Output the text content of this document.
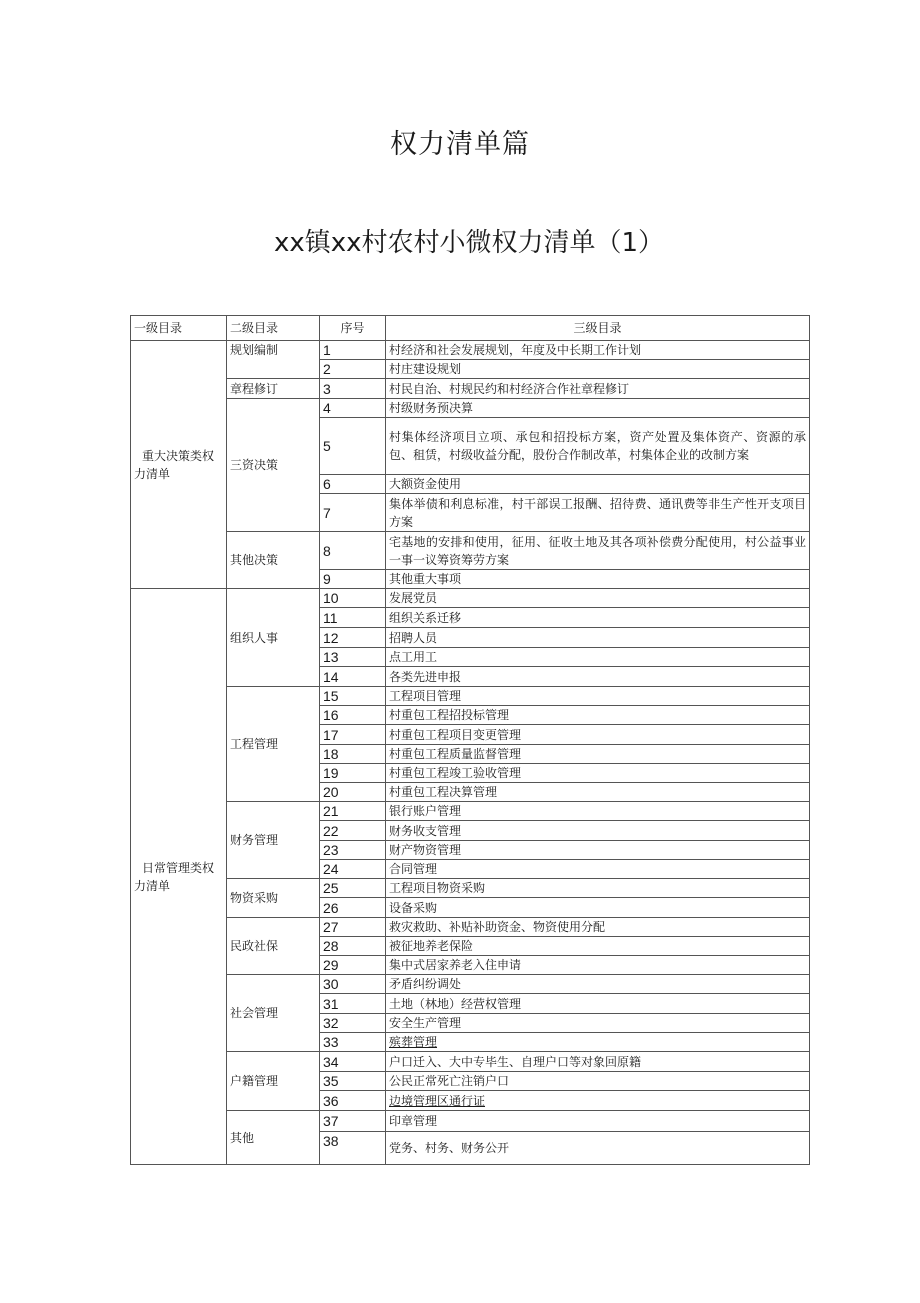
权力清单篇
xx镇xx村农村小微权力清单（1）
一级目录	二级目录	序号	三级目录

重大决策类权力清单	规划编制	1	村经济和社会发展规划，年度及中长期工作计划
		2	村庄建设规划
	章程修订	3	村民自治、村规民约和村经济合作社章程修订
	三资决策	4	村级财务预决算
		5	村集体经济项目立项、承包和招投标方案，资产处置及集体资产、资源的承包、租赁，村级收益分配，股份合作制改革，村集体企业的改制方案
		6	大额资金使用
		7	集体举债和利息标准，村干部误工报酬、招待费、通讯费等非生产性开支项目方案
	其他决策	8	宅基地的安排和使用，征用、征收土地及其各项补偿费分配使用，村公益事业一事一议筹资筹劳方案
		9	其他重大事项

日常管理类权力清单	组织人事	10	发展党员
		11	组织关系迁移
		12	招聘人员
		13	点工用工
		14	各类先进申报
	工程管理	15	工程项目管理
		16	村重包工程招投标管理
		17	村重包工程项目变更管理
		18	村重包工程质量监督管理
		19	村重包工程竣工验收管理
		20	村重包工程决算管理
	财务管理	21	银行账户管理
		22	财务收支管理
		23	财产物资管理
		24	合同管理
	物资采购	25	工程项目物资采购
		26	设备采购
	民政社保	27	救灾救助、补贴补助资金、物资使用分配
		28	被征地养老保险
		29	集中式居家养老入住申请
	社会管理	30	矛盾纠纷调处
		31	土地（林地）经营权管理
		32	安全生产管理
		33	殡葬管理
	户籍管理	34	户口迁入、大中专毕生、自理户口等对象回原籍
		35	公民正常死亡注销户口
		36	边境管理区通行证
	其他	37	印章管理
		38	党务、村务、财务公开
